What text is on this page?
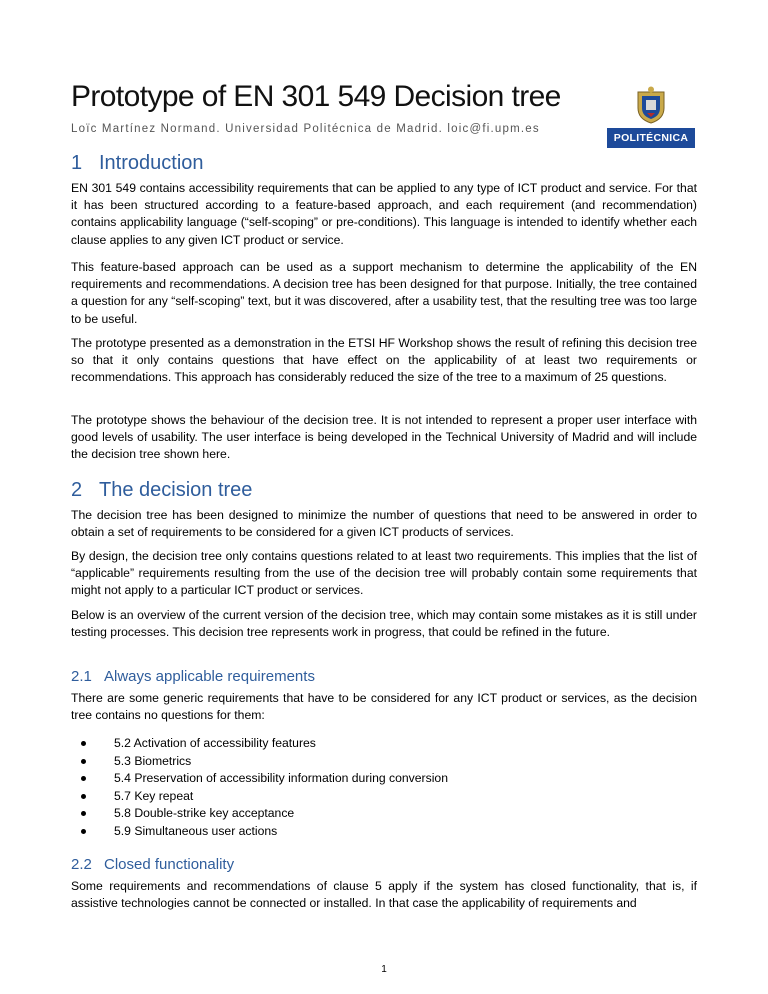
Prototype of EN 301 549 Decision tree
Loïc Martínez Normand. Universidad Politécnica de Madrid. loic@fi.upm.es
POLITÉCNICA
1 Introduction

EN 301 549 contains accessibility requirements that can be applied to any type of ICT product and service. For that it has been structured according to a feature-based approach, and each requirement (and recommendation) contains applicability language (“self-scoping” or pre-conditions). This language is intended to identify whether each clause applies to any given ICT product or service.

This feature-based approach can be used as a support mechanism to determine the applicability of the EN requirements and recommendations. A decision tree has been designed for that purpose. Initially, the tree contained a question for any “self-scoping” text, but it was discovered, after a usability test, that the resulting tree was too large to be useful.

The prototype presented as a demonstration in the ETSI HF Workshop shows the result of refining this decision tree so that it only contains questions that have effect on the applicability of at least two requirements or recommendations. This approach has considerably reduced the size of the tree to a maximum of 25 questions.

The prototype shows the behaviour of the decision tree. It is not intended to represent a proper user interface with good levels of usability. The user interface is being developed in the Technical University of Madrid and will include the decision tree shown here.

2 The decision tree

The decision tree has been designed to minimize the number of questions that need to be answered in order to obtain a set of requirements to be considered for a given ICT products of services.

By design, the decision tree only contains questions related to at least two requirements. This implies that the list of “applicable” requirements resulting from the use of the decision tree will probably contain some requirements that might not apply to a particular ICT product or services.

Below is an overview of the current version of the decision tree, which may contain some mistakes as it is still under testing processes. This decision tree represents work in progress, that could be refined in the future.

2.1 Always applicable requirements

There are some generic requirements that have to be considered for any ICT product or services, as the decision tree contains no questions for them:

5.2 Activation of accessibility features
5.3 Biometrics
5.4 Preservation of accessibility information during conversion
5.7 Key repeat
5.8 Double-strike key acceptance
5.9 Simultaneous user actions
2.2 Closed functionality

Some requirements and recommendations of clause 5 apply if the system has closed functionality, that is, if assistive technologies cannot be connected or installed. In that case the applicability of requirements and

1
